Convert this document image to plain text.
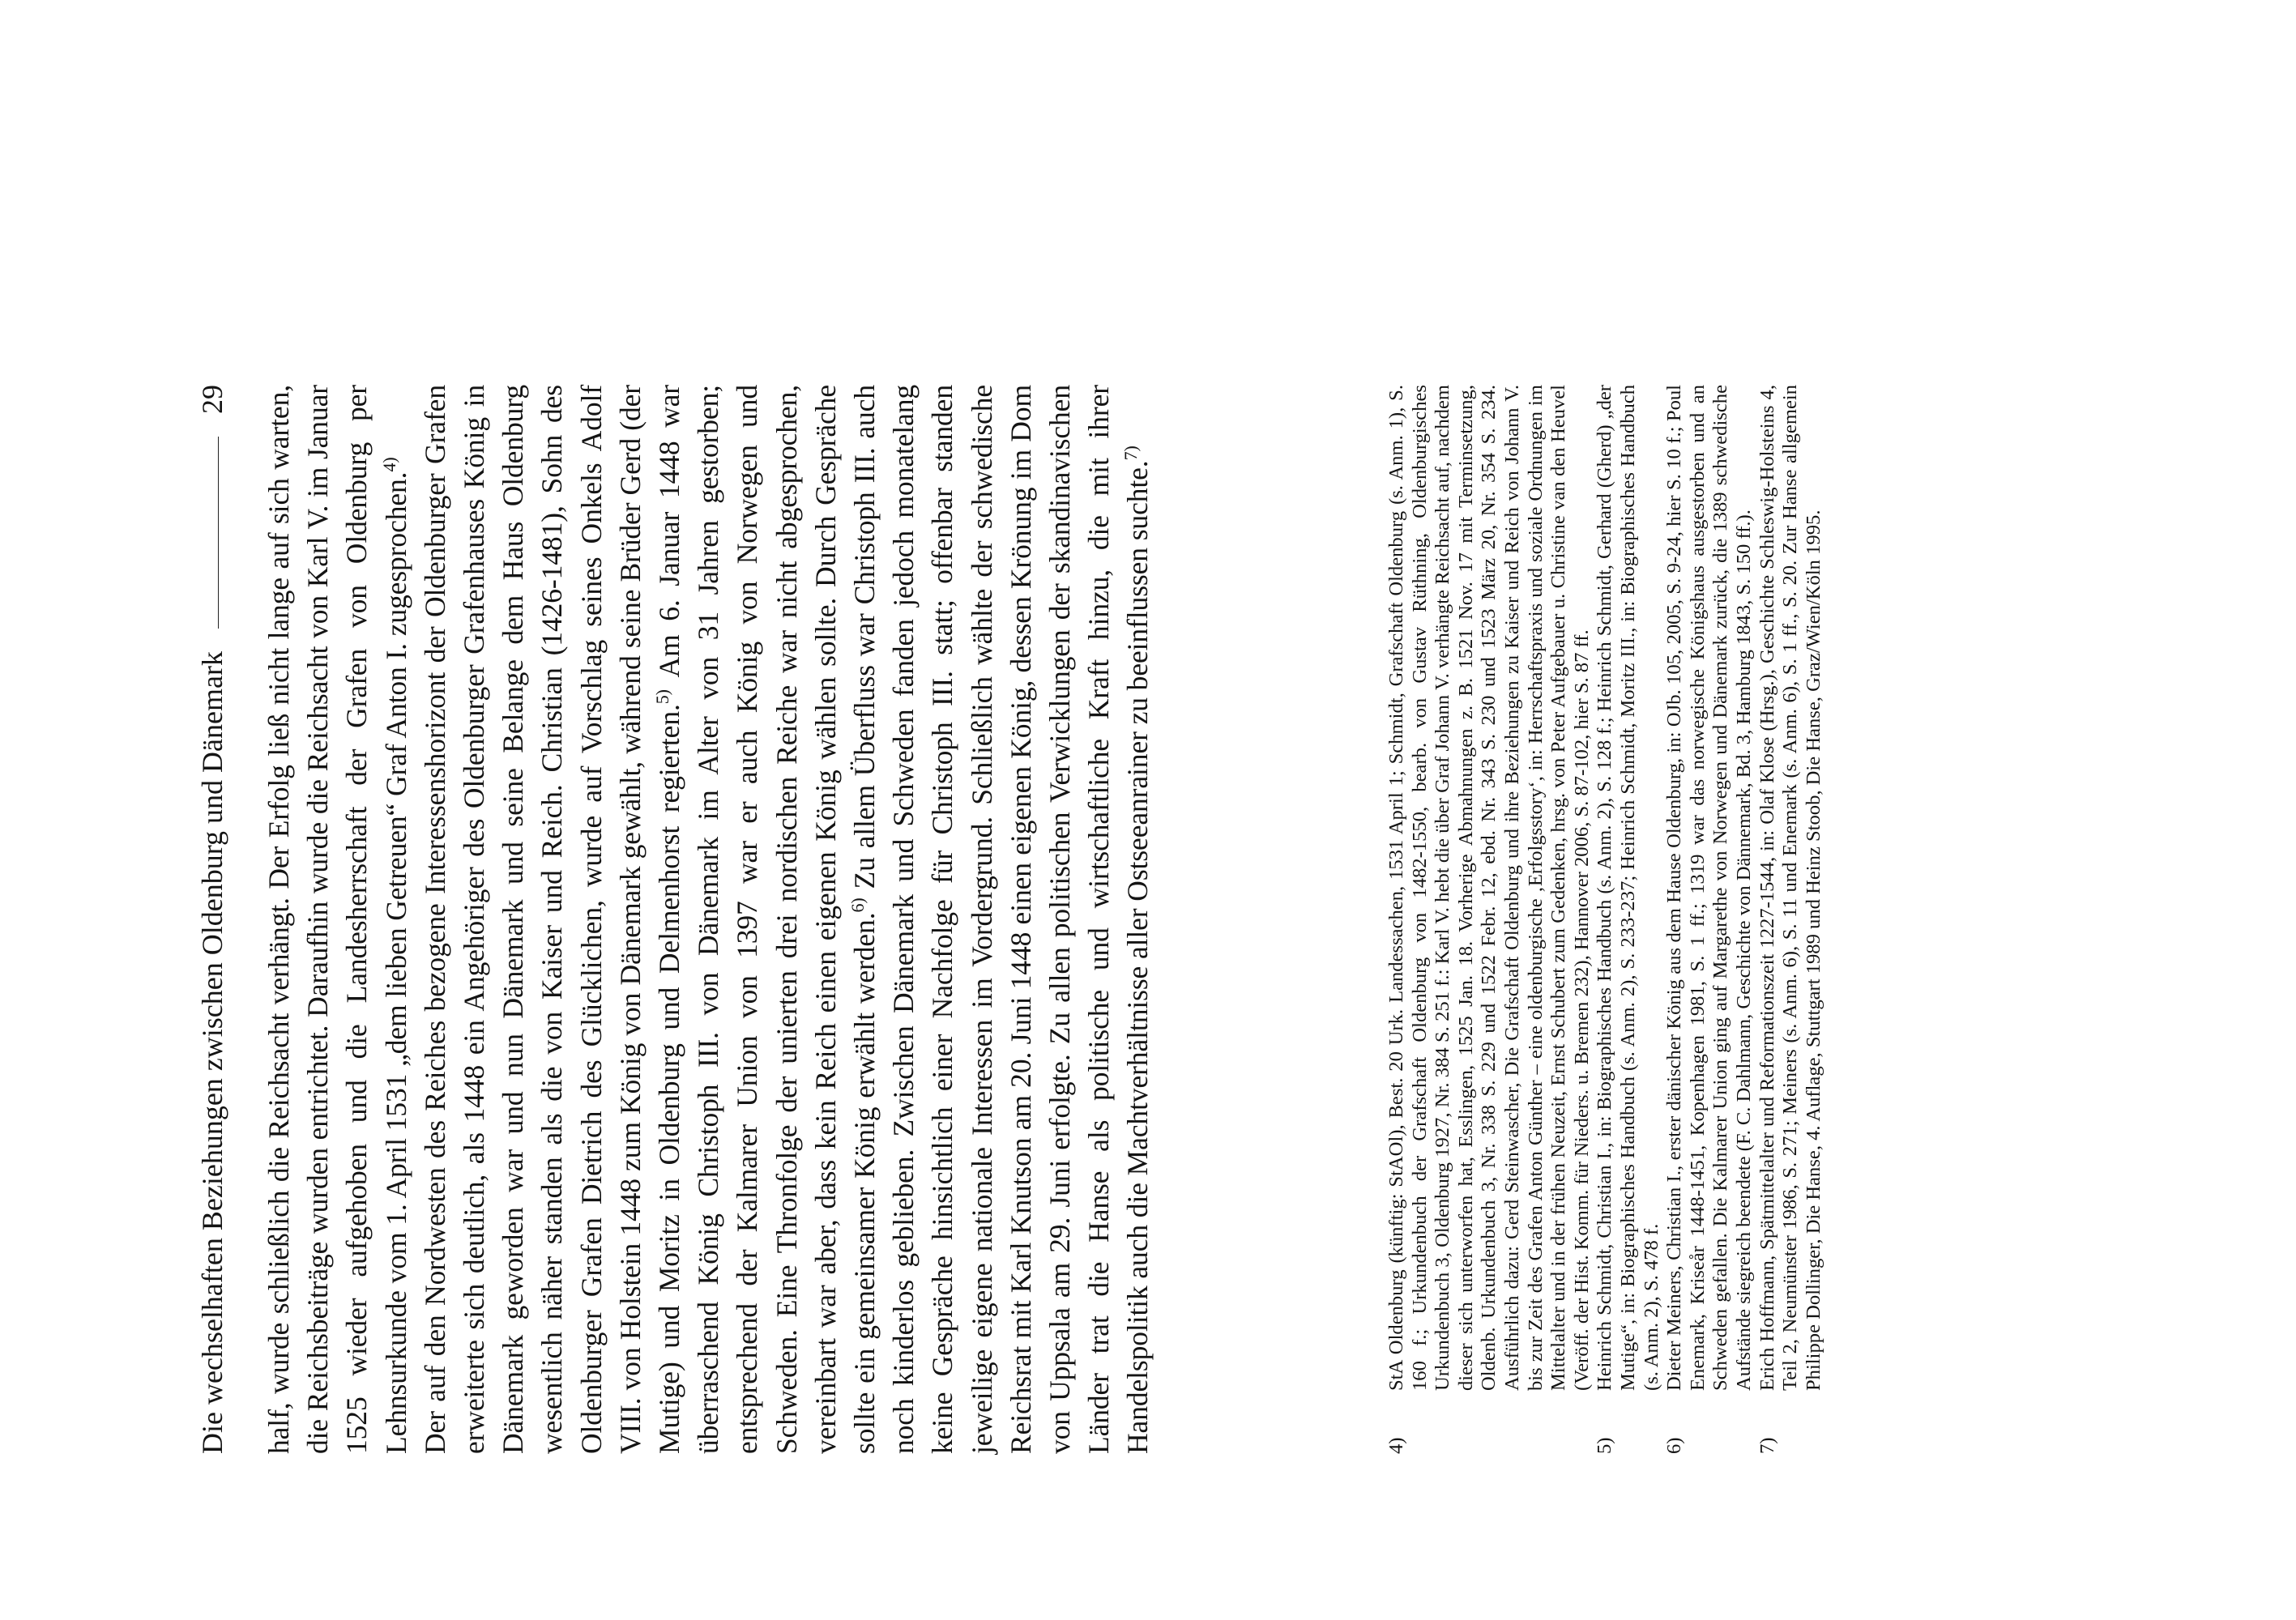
Die wechselhaften Beziehungen zwischen Oldenburg und Dänemark
29 half, wurde schließlich die Reichsacht verhängt. Der Erfolg ließ nicht lange auf sich warten, die Reichsbeiträge wurden entrichtet. Daraufhin wurde die Reichsacht von Karl V. im Januar 1525 wieder aufgehoben und die Landesherrschaft der Grafen von Oldenburg per Lehnsurkunde vom 1. April 1531 „dem lieben Getreuen“ Graf Anton I. zugesprochen.$^{4)}$ Der auf den Nordwesten des Reiches bezogene Interessenshorizont der Oldenburger Grafen erweiterte sich deutlich, als 1448 ein Angehöriger des Oldenburger Grafenhauses König in Dänemark geworden war und nun Dänemark und seine Belange dem Haus Oldenburg wesentlich näher standen als die von Kaiser und Reich. Christian (1426-1481), Sohn des Oldenburger Grafen Dietrich des Glücklichen, wurde auf Vorschlag seines Onkels Adolf VIII. von Holstein 1448 zum König von Dänemark gewählt, während seine Brüder Gerd (der Mutige) und Moritz in Oldenburg und Delmenhorst regierten.$^{5)}$ Am 6. Januar 1448 war überraschend König Christoph III. von Dänemark im Alter von 31 Jahren gestorben; entsprechend der Kalmarer Union von 1397 war er auch König von Norwegen und Schweden. Eine Thronfolge der unierten drei nordischen Reiche war nicht abgesprochen, vereinbart war aber, dass kein Reich einen eigenen König wählen sollte. Durch Gespräche sollte ein gemeinsamer König erwählt werden.$^{6)}$ Zu allem Überfluss war Christoph III. auch noch kinderlos geblieben. Zwischen Dänemark und Schweden fanden jedoch monatelang keine Gespräche hinsichtlich einer Nachfolge für Christoph III. statt; offenbar standen jeweilige eigene nationale Interessen im Vordergrund. Schließlich wählte der schwedische Reichsrat mit Karl Knutson am 20. Juni 1448 einen eigenen König, dessen Krönung im Dom von Uppsala am 29. Juni erfolgte. Zu allen politischen Verwicklungen der skandinavischen Länder trat die Hanse als politische und wirtschaftliche Kraft hinzu, die mit ihrer Handelspolitik auch die Machtverhältnisse aller Ostseeanrainer zu beeinflussen suchte.$^{7)}$

4)
StA Oldenburg (künftig: StAOl), Best. 20 Urk. Landessachen, 1531 April 1; Schmidt, Grafschaft Oldenburg (s. Anm. 1), S. 160 f.; Urkundenbuch der Grafschaft Oldenburg von 1482-1550, bearb. von Gustav Rüthning, Oldenburgisches Urkundenbuch 3, Oldenburg 1927, Nr. 384 S. 251 f.: Karl V. hebt die über Graf Johann V. verhängte Reichsacht auf, nachdem dieser sich unterworfen hat, Esslingen, 1525 Jan. 18. Vorherige Abmahnungen z. B. 1521 Nov. 17 mit Terminsetzung, Oldenb. Urkundenbuch 3, Nr. 338 S. 229 und 1522 Febr. 12, ebd. Nr. 343 S. 230 und 1523 März 20, Nr. 354 S. 234. Ausführlich dazu: Gerd Steinwascher, Die Grafschaft Oldenburg und ihre Beziehungen zu Kaiser und Reich von Johann V. bis zur Zeit des Grafen Anton Günther – eine oldenburgische ‚Erfolgsstory‘, in: Herrschaftspraxis und soziale Ordnungen im Mittelalter und in der frühen Neuzeit, Ernst Schubert zum Gedenken, hrsg. von Peter Aufgebauer u. Christine van den Heuvel (Veröff. der Hist. Komm. für Nieders. u. Bremen 232), Hannover 2006, S. 87-102, hier S. 87 ff.
5)
Heinrich Schmidt, Christian I., in: Biographisches Handbuch (s. Anm. 2), S. 128 f.; Heinrich Schmidt, Gerhard (Gherd) „der Mutige“, in: Biographisches Handbuch (s. Anm. 2), S. 233-237; Heinrich Schmidt, Moritz III., in: Biographisches Handbuch (s. Anm. 2), S. 478 f.
6)
Dieter Meiners, Christian I., erster dänischer König aus dem Hause Oldenburg, in: OJb. 105, 2005, S. 9-24, hier S. 10 f.; Poul Enemark, Kriseår 1448-1451, Kopenhagen 1981, S. 1 ff.; 1319 war das norwegische Königshaus ausgestorben und an Schweden gefallen. Die Kalmarer Union ging auf Margarethe von Norwegen und Dänemark zurück, die 1389 schwedische Aufstände siegreich beendete (F. C. Dahlmann, Geschichte von Dännemark, Bd. 3, Hamburg 1843, S. 150 ff.).
7)
Erich Hoffmann, Spätmittelalter und Reformationszeit 1227-1544, in: Olaf Klose (Hrsg.), Geschichte Schleswig-Holsteins 4, Teil 2, Neumünster 1986, S. 271; Meiners (s. Anm. 6), S. 11 und Enemark (s. Anm. 6), S. 1 ff., S. 20. Zur Hanse allgemein Philippe Dollinger, Die Hanse, 4. Auflage, Stuttgart 1989 und Heinz Stoob, Die Hanse, Graz/Wien/Köln 1995.
